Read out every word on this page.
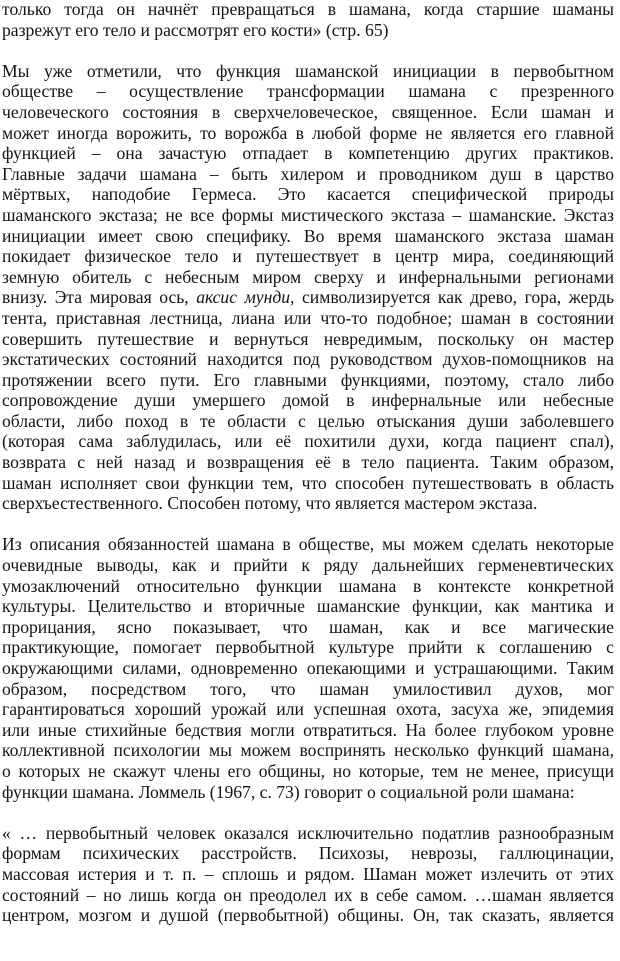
только тогда он начнёт превращаться в шамана, когда старшие шаманы
разрежут его тело и рассмотрят его кости» (стр. 65)
Мы уже отметили, что функция шаманской инициации в первобытном
обществе – осуществление трансформации шамана с презренного
человеческого состояния в сверхчеловеческое, священное. Если шаман и
может иногда ворожить, то ворожба в любой форме не является его главной
функцией – она зачастую отпадает в компетенцию других практиков.
Главные задачи шамана – быть хилером и проводником душ в царство
мёртвых, наподобие Гермеса. Это касается специфической природы
шаманского экстаза; не все формы мистического экстаза – шаманские. Экстаз
инициации имеет свою специфику. Во время шаманского экстаза шаман
покидает физическое тело и путешествует в центр мира, соединяющий
земную обитель с небесным миром сверху и инфернальными регионами
внизу. Эта мировая ось, аксис мунди, символизируется как древо, гора, жердь
тента, приставная лестница, лиана или что-то подобное; шаман в состоянии
совершить путешествие и вернуться невредимым, поскольку он мастер
экстатических состояний находится под руководством духов-помощников на
протяжении всего пути. Его главными функциями, поэтому, стало либо
сопровождение души умершего домой в инфернальные или небесные
области, либо поход в те области с целью отыскания души заболевшего
(которая сама заблудилась, или её похитили духи, когда пациент спал),
возврата с ней назад и возвращения её в тело пациента. Таким образом,
шаман исполняет свои функции тем, что способен путешествовать в область
сверхъестественного. Способен потому, что является мастером экстаза.
Из описания обязанностей шамана в обществе, мы можем сделать некоторые
очевидные выводы, как и прийти к ряду дальнейших герменевтических
умозаключений относительно функции шамана в контексте конкретной
культуры. Целительство и вторичные шаманские функции, как мантика и
прорицания, ясно показывает, что шаман, как и все магические
практикующие, помогает первобытной культуре прийти к соглашению с
окружающими силами, одновременно опекающими и устрашающими. Таким
образом, посредством того, что шаман умилостивил духов, мог
гарантироваться хороший урожай или успешная охота, засуха же, эпидемия
или иные стихийные бедствия могли отвратиться. На более глубоком уровне
коллективной психологии мы можем воспринять несколько функций шамана,
о которых не скажут члены его общины, но которые, тем не менее, присущи
функции шамана. Ломмель (1967, с. 73) говорит о социальной роли шамана:
« … первобытный человек оказался исключительно податлив разнообразным
формам психических расстройств. Психозы, неврозы, галлюцинации,
массовая истерия и т. п. – сплошь и рядом. Шаман может излечить от этих
состояний – но лишь когда он преодолел их в себе самом. …шаман является
центром, мозгом и душой (первобытной) общины. Он, так сказать, является
